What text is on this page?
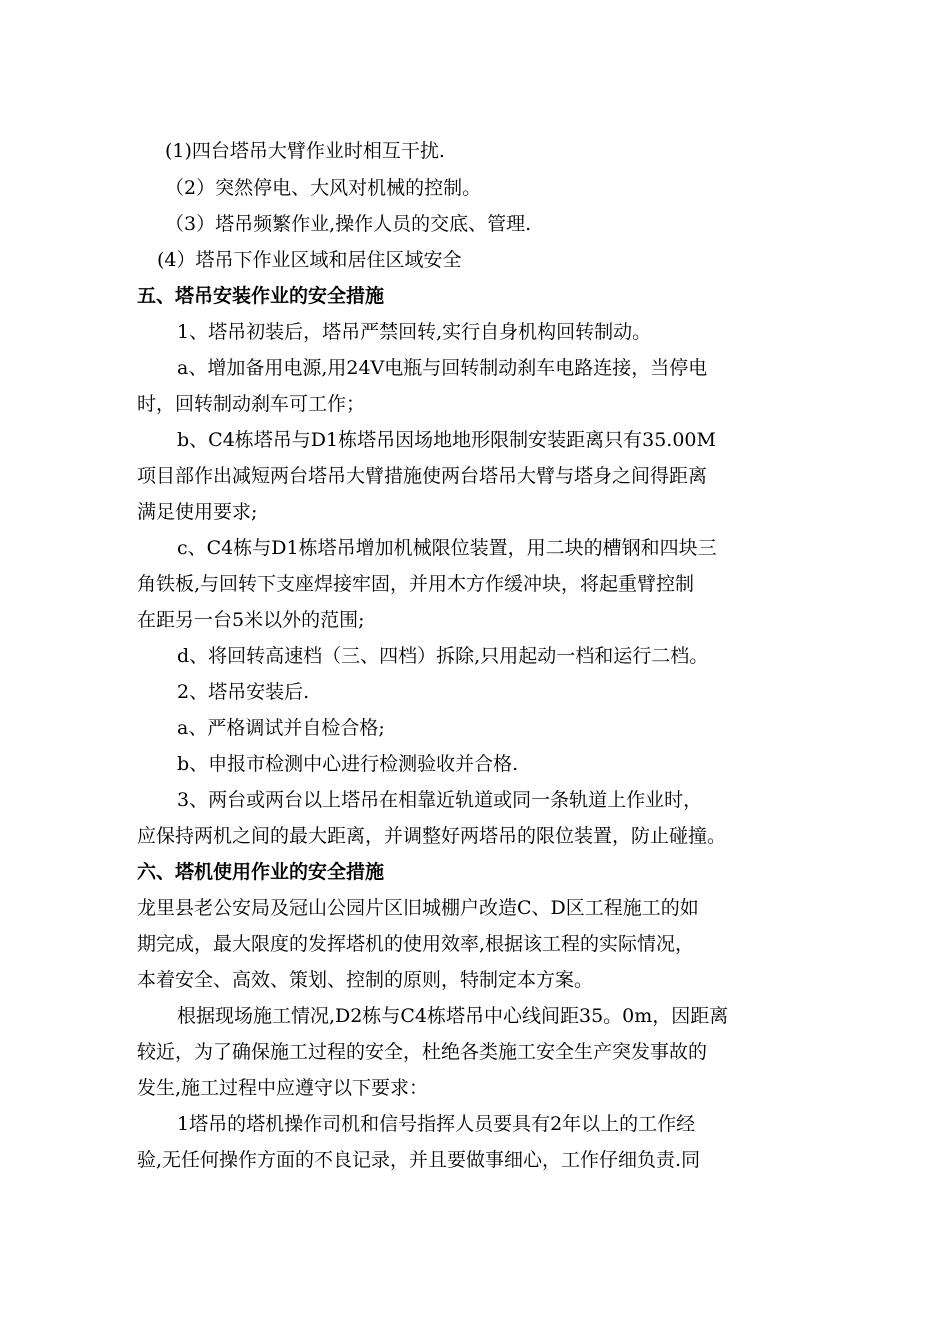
(1)四台塔吊大臂作业时相互干扰.
（2）突然停电、大风对机械的控制。
（3）塔吊频繁作业,操作人员的交底、管理.
(4）塔吊下作业区域和居住区域安全
五、塔吊安装作业的安全措施
1、塔吊初装后，塔吊严禁回转,实行自身机构回转制动。
a、增加备用电源,用24V电瓶与回转制动刹车电路连接，当停电
时，回转制动刹车可工作；
b、C4栋塔吊与D1栋塔吊因场地地形限制安装距离只有35.00M
项目部作出减短两台塔吊大臂措施使两台塔吊大臂与塔身之间得距离
满足使用要求;
c、C4栋与D1栋塔吊增加机械限位装置，用二块的槽钢和四块三
角铁板,与回转下支座焊接牢固，并用木方作缓冲块，将起重臂控制
在距另一台5米以外的范围;
d、将回转高速档（三、四档）拆除,只用起动一档和运行二档。
2、塔吊安装后.
a、严格调试并自检合格;
b、申报市检测中心进行检测验收并合格.
3、两台或两台以上塔吊在相靠近轨道或同一条轨道上作业时，
应保持两机之间的最大距离，并调整好两塔吊的限位装置，防止碰撞。
六、塔机使用作业的安全措施
龙里县老公安局及冠山公园片区旧城棚户改造C、D区工程施工的如
期完成，最大限度的发挥塔机的使用效率,根据该工程的实际情况，
本着安全、高效、策划、控制的原则，特制定本方案。
根据现场施工情况,D2栋与C4栋塔吊中心线间距35。0m，因距离
较近，为了确保施工过程的安全，杜绝各类施工安全生产突发事故的
发生,施工过程中应遵守以下要求：
1塔吊的塔机操作司机和信号指挥人员要具有2年以上的工作经
验,无任何操作方面的不良记录，并且要做事细心，工作仔细负责.同
